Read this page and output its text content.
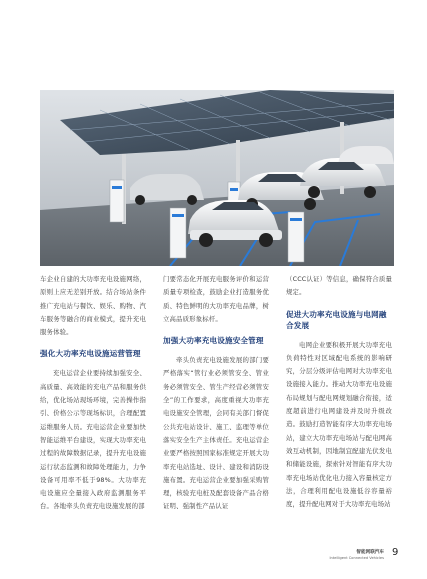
车企业自建的大功率充电设施网络，原则上应无差别开放。结合场站条件推广充电站与餐饮、娱乐、购物、汽车服务等融合的商业模式，提升充电服务体验。

强化大功率充电设施运营管理

充电运营企业要持续加强安全、高质量、高效能的充电产品和服务供给，优化场站现场环境，完善操作指引、价格公示等现场标识，合理配置运维服务人员。充电运营企业要加快智能运维平台建设，实现大功率充电过程的故障数据记录，提升充电设施运行状态监测和故障处理能力，力争设备可用率不低于98%。大功率充电设施应全量接入政府监测服务平台。各地牵头负责充电设施发展的部

门要常态化开展充电服务评价和运营质量专项检查，鼓励企业打造服务优质、特色鲜明的大功率充电品牌，树立高品质形象标杆。

加强大功率充电设施安全管理

牵头负责充电设施发展的部门要严格落实“管行业必须管安全、管业务必须管安全、管生产经营必须管安全”的工作要求，高度重视大功率充电设施安全管理，会同有关部门督促公共充电站设计、施工、监理等单位落实安全生产主体责任。充电运营企业要严格按照国家标准规定开展大功率充电站选址、设计、建设和消防设施布置。充电运营企业要加强采购管理，核验充电桩及配套设备产品合格证明、强制性产品认证

（CCC认证）等信息，确保符合质量规定。

促进大功率充电设施与电网融合发展

电网企业要积极开展大功率充电负荷特性对区域配电系统的影响研究，分层分级评估电网对大功率充电设施接入能力。推动大功率充电设施布局规划与配电网规划融合衔接，适度超前进行电网建设并及时升级改造。鼓励打造智能有序大功率充电场站，建立大功率充电场站与配电网高效互动机制，因地制宜配建光伏发电和储能设施，探索针对智能有序大功率充电场站优化电力接入容量核定方法，合理利用配电设施低谷容量裕度，提升配电网对于大功率充电场站

智能网联汽车
Intelligent Connected Vehicles 9
